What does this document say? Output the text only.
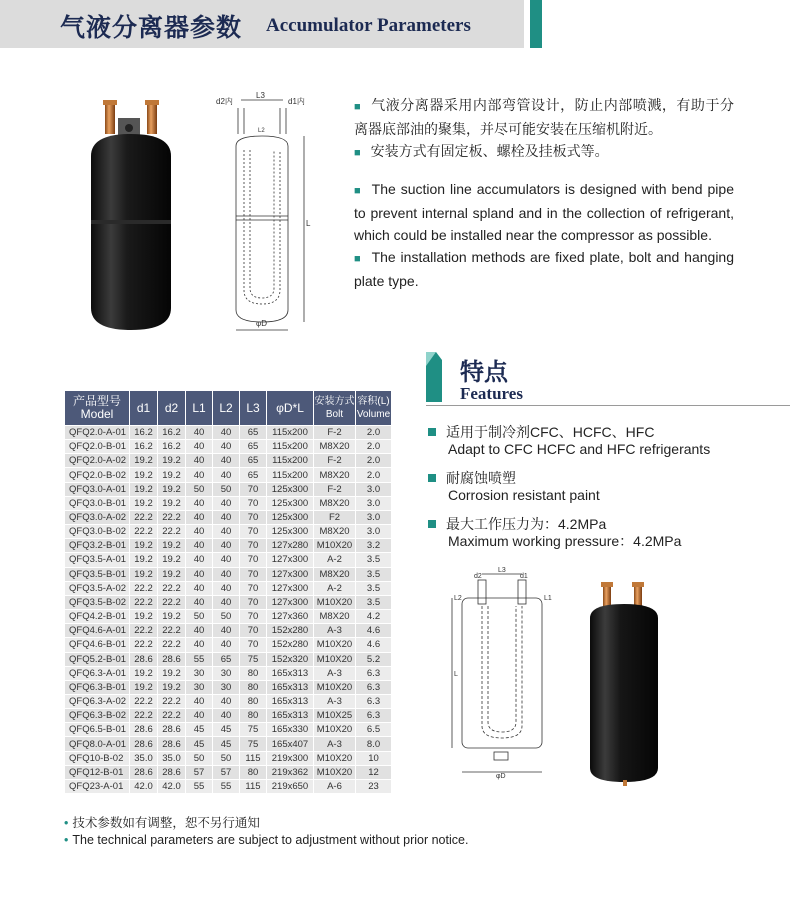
气液分离器参数 Accumulator Parameters
d2内
L3
d1内
L2
L
φD

■ 气液分离器采用内部弯管设计，防止内部喷溅，有助于分离器底部油的聚集，并尽可能安装在压缩机附近。

■ 安装方式有固定板、螺栓及挂板式等。

■ The suction line accumulators is designed with bend pipe to prevent internal spland and in the collection of refrigerant, which could be installed near the compressor as possible.

■ The installation methods are fixed plate, bolt and hanging plate type.

特点
Features
适用于制冷剂CFC、HCFC、HFC
Adapt to CFC HCFC and HFC refrigerants
耐腐蚀喷塑
Corrosion resistant paint
最大工作压力为：4.2MPa
Maximum working pressure：4.2MPa
产品型号
Model	d1	d2	L1	L2	L3	φD*L	安装方式
Bolt	容积(L)
Volume
QFQ2.0-A-01	16.2	16.2	40	40	65	115x200	F-2	2.0
QFQ2.0-B-01	16.2	16.2	40	40	65	115x200	M8X20	2.0
QFQ2.0-A-02	19.2	19.2	40	40	65	115x200	F-2	2.0
QFQ2.0-B-02	19.2	19.2	40	40	65	115x200	M8X20	2.0
QFQ3.0-A-01	19.2	19.2	50	50	70	125x300	F-2	3.0
QFQ3.0-B-01	19.2	19.2	40	40	70	125x300	M8X20	3.0
QFQ3.0-A-02	22.2	22.2	40	40	70	125x300	F2	3.0
QFQ3.0-B-02	22.2	22.2	40	40	70	125x300	M8X20	3.0
QFQ3.2-B-01	19.2	19.2	40	40	70	127x280	M10X20	3.2
QFQ3.5-A-01	19.2	19.2	40	40	70	127x300	A-2	3.5
QFQ3.5-B-01	19.2	19.2	40	40	70	127x300	M8X20	3.5
QFQ3.5-A-02	22.2	22.2	40	40	70	127x300	A-2	3.5
QFQ3.5-B-02	22.2	22.2	40	40	70	127x300	M10X20	3.5
QFQ4.2-B-01	19.2	19.2	50	50	70	127x360	M8X20	4.2
QFQ4.6-A-01	22.2	22.2	40	40	70	152x280	A-3	4.6
QFQ4.6-B-01	22.2	22.2	40	40	70	152x280	M10X20	4.6
QFQ5.2-B-01	28.6	28.6	55	65	75	152x320	M10X20	5.2
QFQ6.3-A-01	19.2	19.2	30	30	80	165x313	A-3	6.3
QFQ6.3-B-01	19.2	19.2	30	30	80	165x313	M10X20	6.3
QFQ6.3-A-02	22.2	22.2	40	40	80	165x313	A-3	6.3
QFQ6.3-B-02	22.2	22.2	40	40	80	165x313	M10X25	6.3
QFQ6.5-B-01	28.6	28.6	45	45	75	165x330	M10X20	6.5
QFQ8.0-A-01	28.6	28.6	45	45	75	165x407	A-3	8.0
QFQ10-B-02	35.0	35.0	50	50	115	219x300	M10X20	10
QFQ12-B-01	28.6	28.6	57	57	80	219x362	M10X20	12
QFQ23-A-01	42.0	42.0	55	55	115	219x650	A-6	23
d2
L3
d1
L2	L1
L
φD
• 技术参数如有调整，恕不另行通知
• The technical parameters are subject to adjustment without prior notice.
